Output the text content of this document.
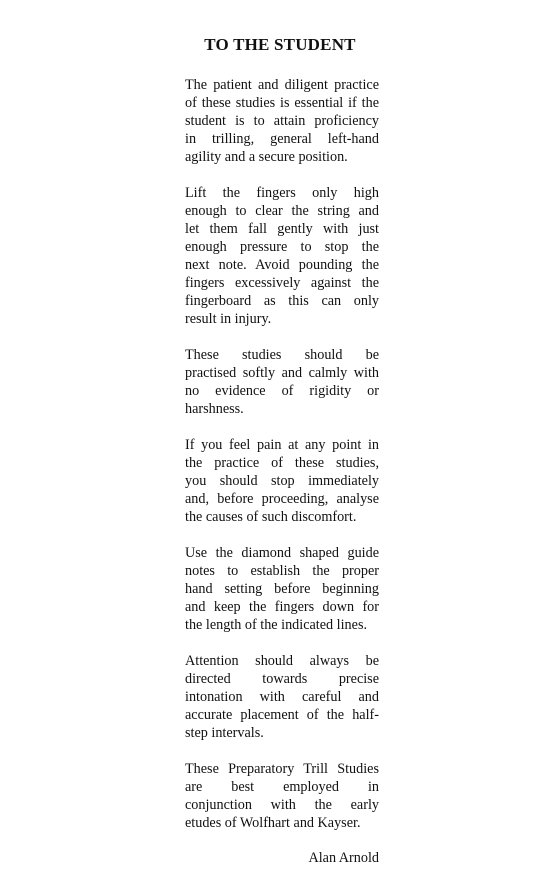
TO THE STUDENT
The patient and diligent practice
of these studies is essential if the
student is to attain proficiency
in trilling, general left-hand
agility and a secure position.
Lift the fingers only high
enough to clear the string and
let them fall gently with just
enough pressure to stop the
next note. Avoid pounding the
fingers excessively against the
fingerboard as this can only
result in injury.
These studies should be
practised softly and calmly with
no evidence of rigidity or
harshness.
If you feel pain at any point in
the practice of these studies,
you should stop immediately
and, before proceeding, analyse
the causes of such discomfort.
Use the diamond shaped guide
notes to establish the proper
hand setting before beginning
and keep the fingers down for
the length of the indicated lines.
Attention should always be
directed towards precise
intonation with careful and
accurate placement of the half-
step intervals.
These Preparatory Trill Studies
are best employed in
conjunction with the early
etudes of Wolfhart and Kayser.
Alan Arnold
